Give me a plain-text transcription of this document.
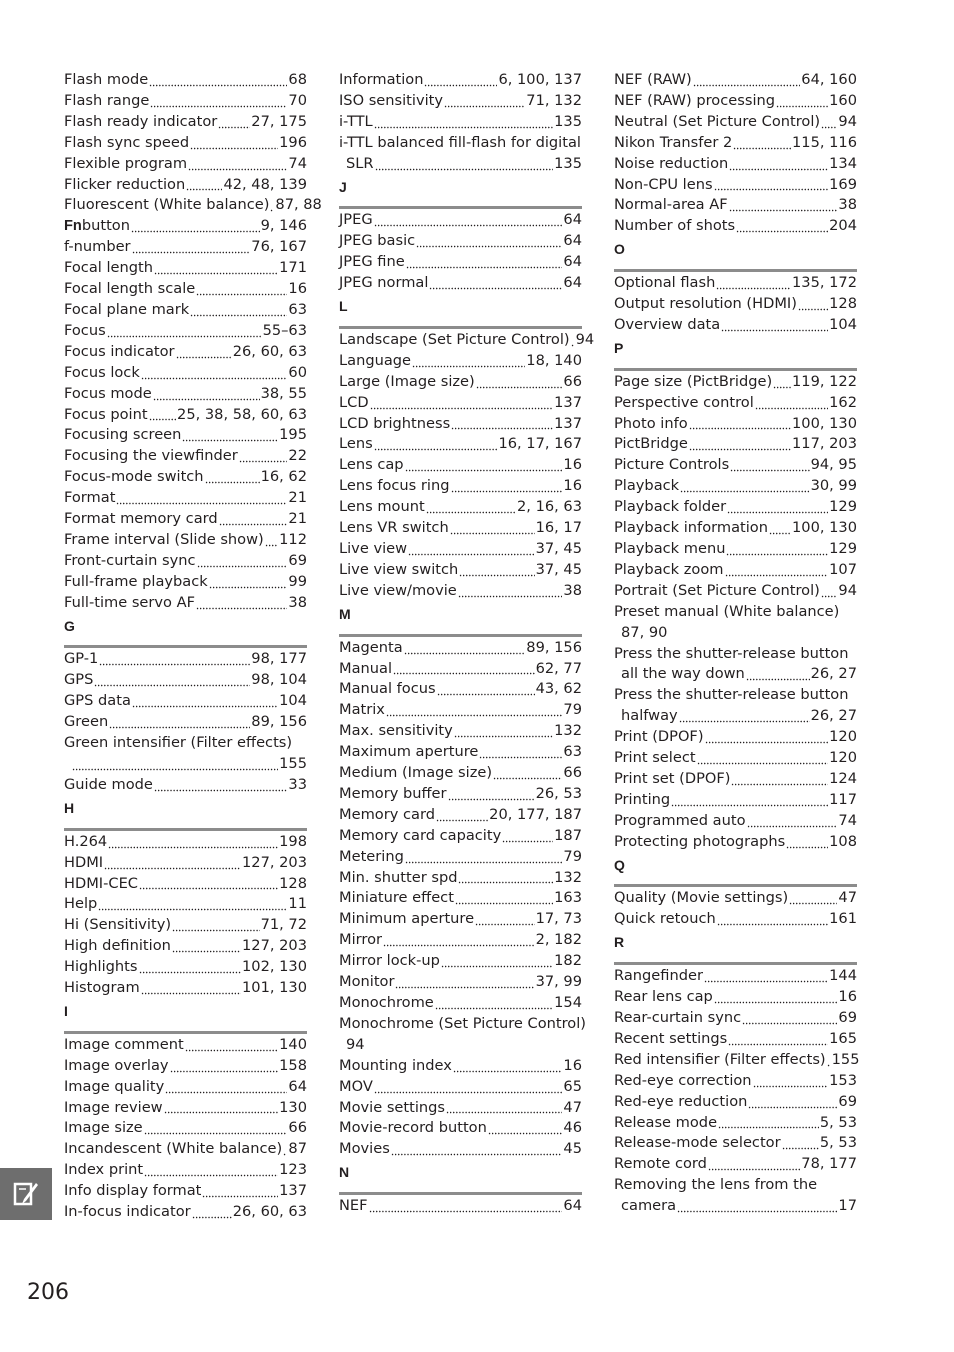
Flash mode	68
Flash range	70
Flash ready indicator 27, 175
Flash sync speed	196
Flexible program	74
Flicker reduction	42, 48, 139
Fluorescent (White balance) 87, 88
Fn button	9, 146
f-number	76, 167
Focal length	171
Focal length scale	16
Focal plane mark	63
Focus	55–63
Focus indicator	26, 60, 63
Focus lock	60
Focus mode	38, 55
Focus point 25, 38, 58, 60, 63
Focusing screen	195
Focusing the viewfinder	22
Focus-mode switch	16, 62
Format	21
Format memory card	21
Frame interval (Slide show) 112
Front-curtain sync	69
Full-frame playback	99
Full-time servo AF	38
G
GP-1	98, 177
GPS	98, 104
GPS data	104
Green	89, 156
Green intensifier (Filter effects)
155
Guide mode	33
H
H.264	198
HDMI	127, 203
HDMI-CEC	128
Help	11
Hi (Sensitivity)	71, 72
High definition	127, 203
Highlights	102, 130
Histogram	101, 130
I
Image comment	140
Image overlay	158
Image quality	64
Image review	130
Image size	66
Incandescent (White balance) 87
Index print	123
Info display format	137
In-focus indicator	26, 60, 63
Information	6, 100, 137
ISO sensitivity	71, 132
i-TTL	135
i-TTL balanced fill-flash for digital
SLR	135
J
JPEG	64
JPEG basic	64
JPEG fine	64
JPEG normal	64
L
Landscape (Set Picture Control) 94
Language	18, 140
Large (Image size)	66
LCD	137
LCD brightness	137
Lens	16, 17, 167
Lens cap	16
Lens focus ring	16
Lens mount	2, 16, 63
Lens VR switch	16, 17
Live view	37, 45
Live view switch	37, 45
Live view/movie	38
M
Magenta	89, 156
Manual	62, 77
Manual focus	43, 62
Matrix	79
Max. sensitivity	132
Maximum aperture	63
Medium (Image size)	66
Memory buffer	26, 53
Memory card	20, 177, 187
Memory card capacity	187
Metering	79
Min. shutter spd	132
Miniature effect	163
Minimum aperture	17, 73
Mirror	2, 182
Mirror lock-up	182
Monitor	37, 99
Monochrome	154
Monochrome (Set Picture Control)
94
Mounting index	16
MOV	65
Movie settings	47
Movie-record button	46
Movies	45
N
NEF	64
NEF (RAW)	64, 160
NEF (RAW) processing	160
Neutral (Set Picture Control) 94
Nikon Transfer 2	115, 116
Noise reduction	134
Non-CPU lens	169
Normal-area AF	38
Number of shots	204
O
Optional flash	135, 172
Output resolution (HDMI) 128
Overview data	104
P
Page size (PictBridge) 119, 122
Perspective control	162
Photo info	100, 130
PictBridge	117, 203
Picture Controls	94, 95
Playback	30, 99
Playback folder	129
Playback information 100, 130
Playback menu	129
Playback zoom	107
Portrait (Set Picture Control) 94
Preset manual (White balance)
87, 90
Press the shutter-release button
all the way down	26, 27
Press the shutter-release button
halfway	26, 27
Print (DPOF)	120
Print select	120
Print set (DPOF)	124
Printing	117
Programmed auto	74
Protecting photographs	108
Q
Quality (Movie settings)	47
Quick retouch	161
R
Rangefinder	144
Rear lens cap	16
Rear-curtain sync	69
Recent settings	165
Red intensifier (Filter effects) 155
Red-eye correction	153
Red-eye reduction	69
Release mode	5, 53
Release-mode selector	5, 53
Remote cord	78, 177
Removing the lens from the
camera	17
206
